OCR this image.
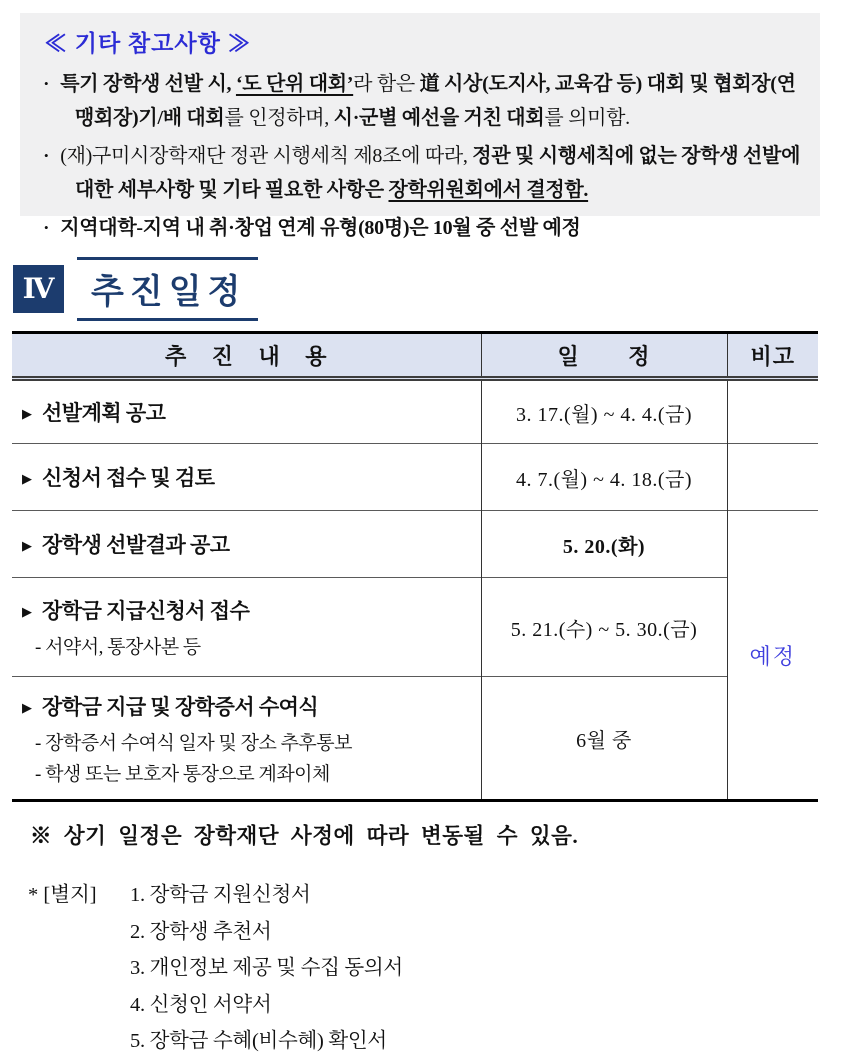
≪ 기타 참고사항 ≫
• 특기 장학생 선발 시, ‘도 단위 대회’라 함은 道 시상(도지사, 교육감 등) 대회 및 협회장(연맹회장)기/배 대회를 인정하며, 시·군별 예선을 거친 대회를 의미함.
• (재)구미시장학재단 정관 시행세칙 제8조에 따라, 정관 및 시행세칙에 없는 장학생 선발에 대한 세부사항 및 기타 필요한 사항은 장학위원회에서 결정함.
• 지역대학-지역 내 취·창업 연계 유형(80명)은 10월 중 선발 예정
Ⅳ	추진일정
추 진 내 용	일 정	비고
▶ 선발계획 공고	3. 17.(월) ~ 4. 4.(금)	
▶ 신청서 접수 및 검토	4. 7.(월) ~ 4. 18.(금)	
▶ 장학생 선발결과 공고	5. 20.(화)	예정

▶ 장학금 지급신청서 접수
- 서약서, 통장사본 등	5. 21.(수) ~ 5. 30.(금)	

▶ 장학금 지급 및 장학증서 수여식
- 장학증서 수여식 일자 및 장소 추후통보
- 학생 또는 보호자 통장으로 계좌이체	6월 중	
※ 상기 일정은 장학재단 사정에 따라 변동될 수 있음.
* [별지]	1. 장학금 지원신청서
2. 장학생 추천서
3. 개인정보 제공 및 수집 동의서
4. 신청인 서약서
5. 장학금 수혜(비수혜) 확인서
